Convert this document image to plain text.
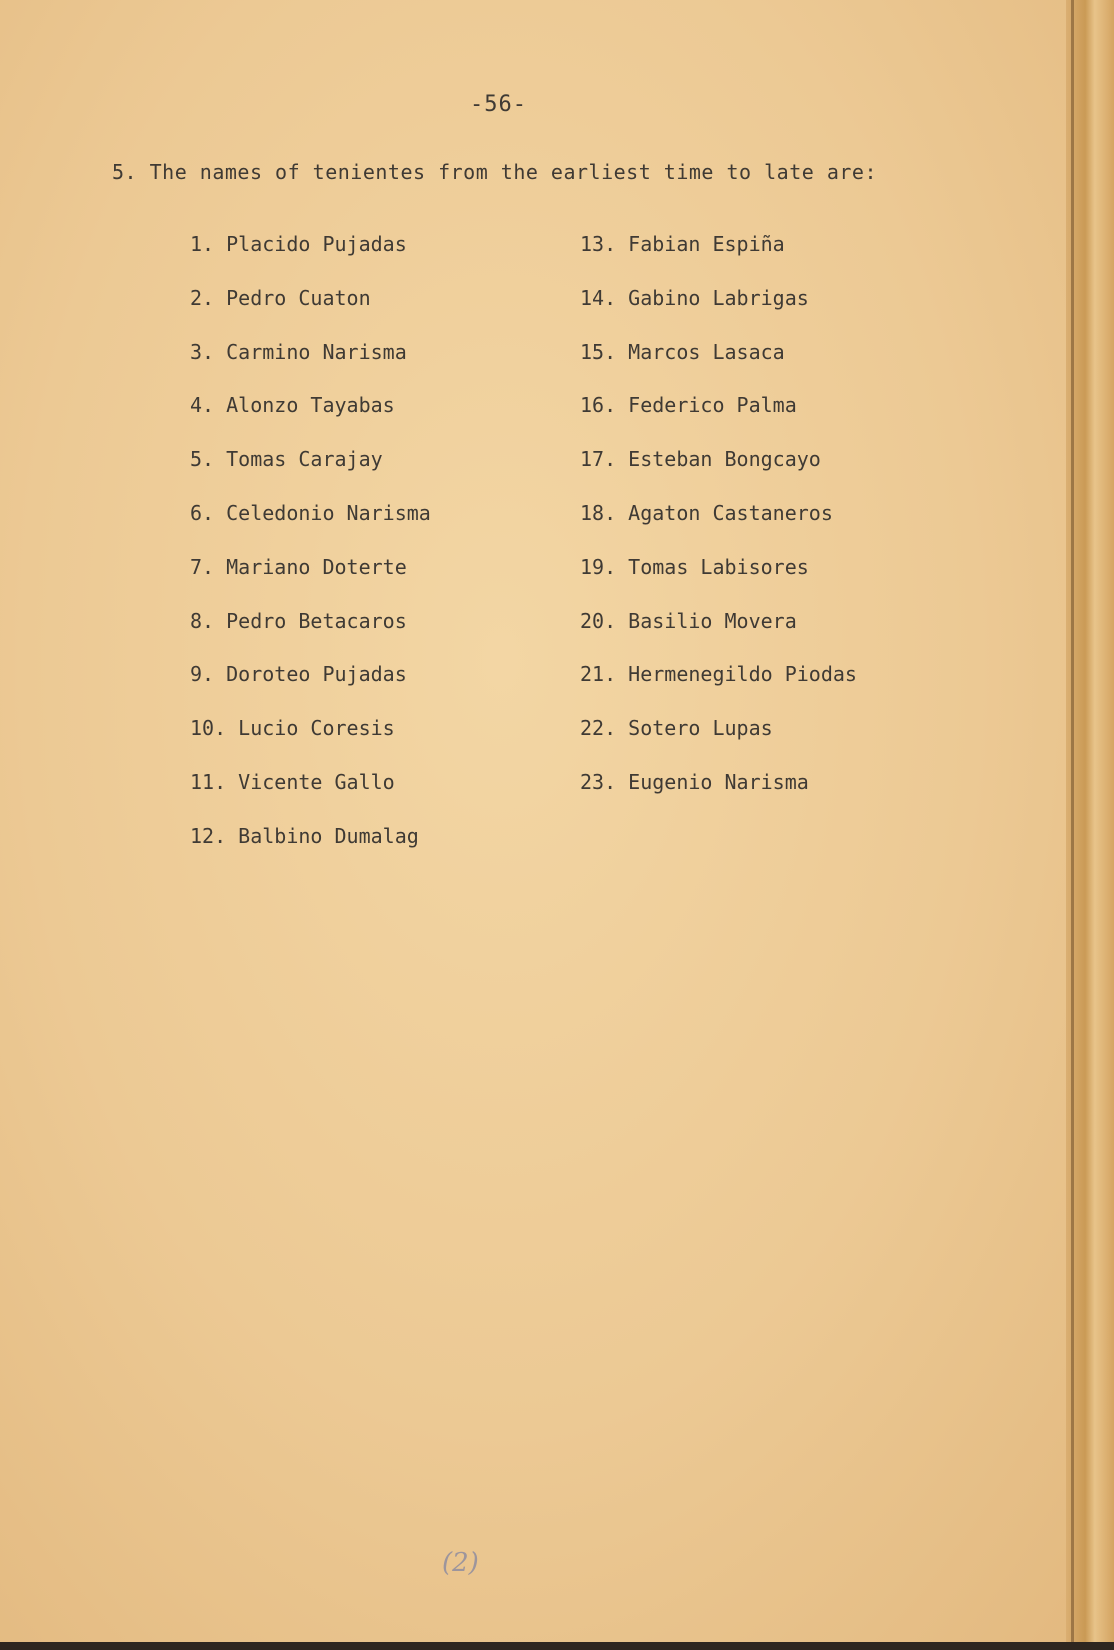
-56-
5. The names of tenientes from the earliest time to late are:
1. Placido Pujadas
2. Pedro Cuaton
3. Carmino Narisma
4. Alonzo Tayabas
5. Tomas Carajay
6. Celedonio Narisma
7. Mariano Doterte
8. Pedro Betacaros
9. Doroteo Pujadas
10. Lucio Coresis
11. Vicente Gallo
12. Balbino Dumalag
13. Fabian Espiña
14. Gabino Labrigas
15. Marcos Lasaca
16. Federico Palma
17. Esteban Bongcayo
18. Agaton Castaneros
19. Tomas Labisores
20. Basilio Movera
21. Hermenegildo Piodas
22. Sotero Lupas
23. Eugenio Narisma
(2)
